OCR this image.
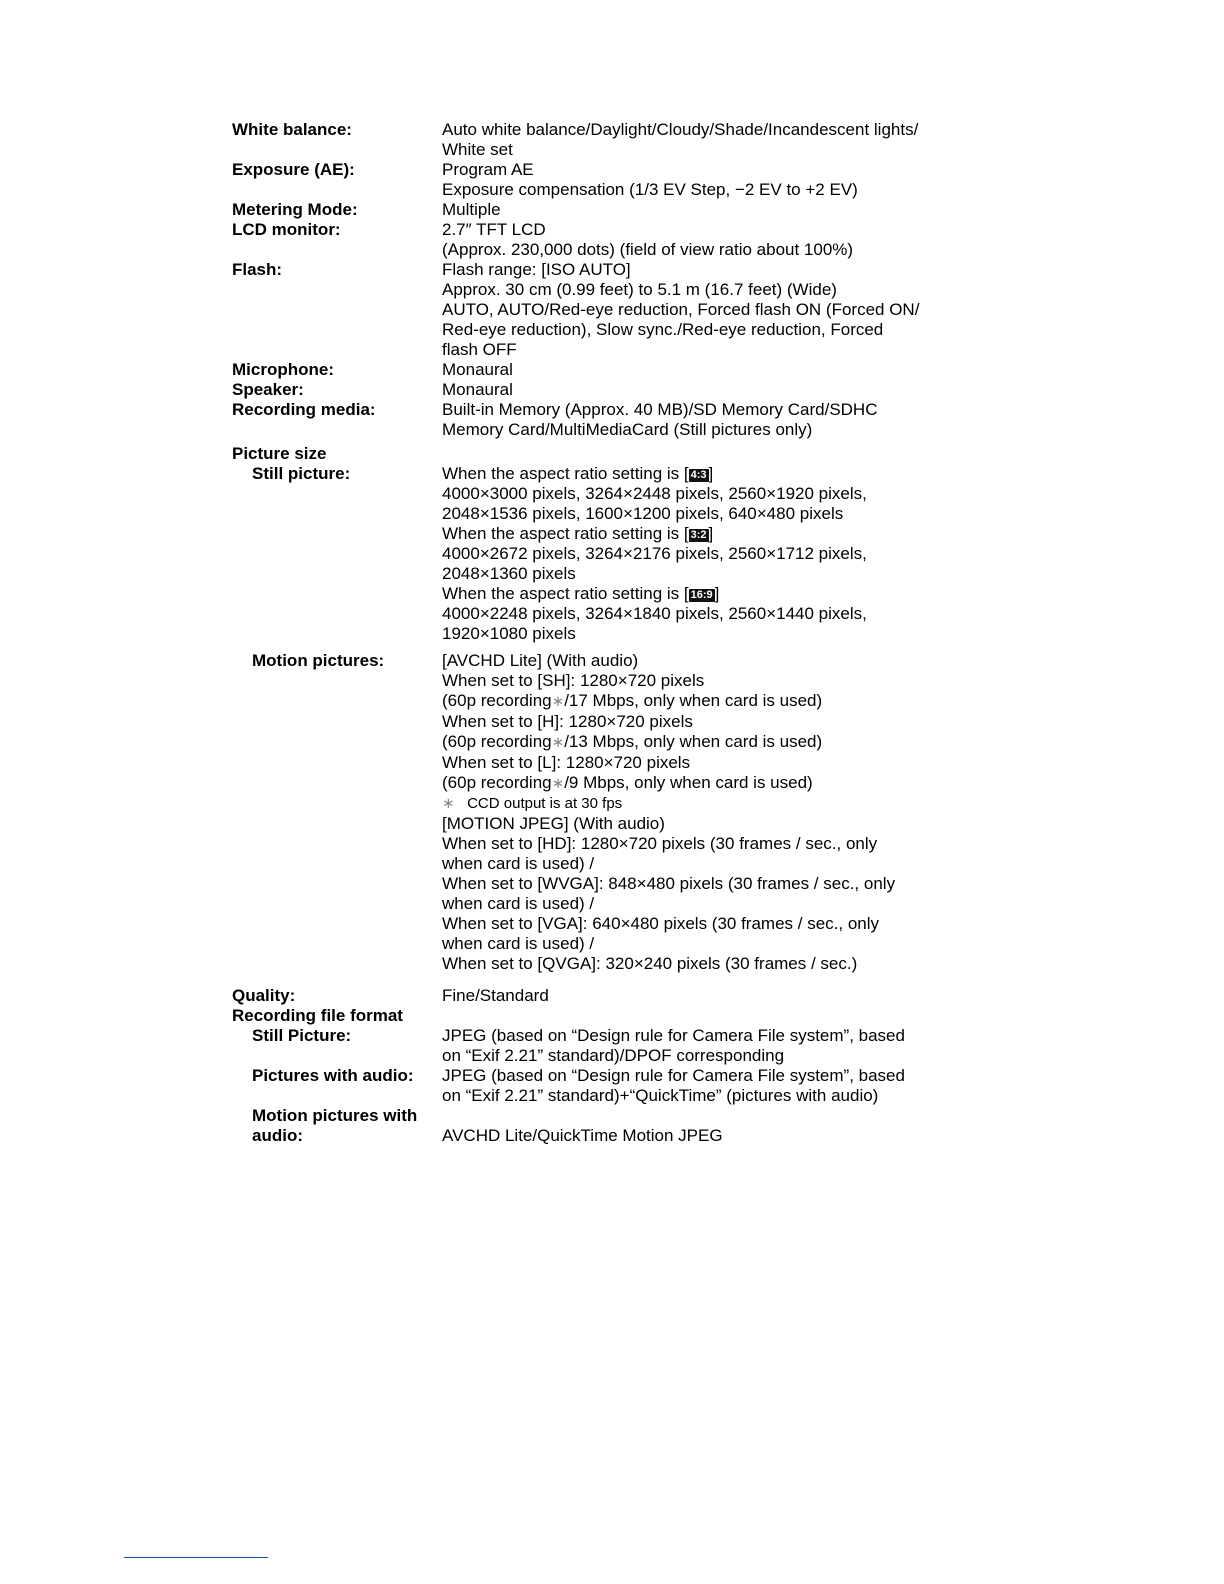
White balance:	Auto white balance/Daylight/Cloudy/Shade/Incandescent lights/
White set
Exposure (AE):	Program AE
Exposure compensation (1/3 EV Step, −2 EV to +2 EV)
Metering Mode:	Multiple
LCD monitor:	2.7″ TFT LCD
(Approx. 230,000 dots) (field of view ratio about 100%)
Flash:	Flash range: [ISO AUTO]
Approx. 30 cm (0.99 feet) to 5.1 m (16.7 feet) (Wide)
AUTO, AUTO/Red-eye reduction, Forced flash ON (Forced ON/
Red-eye reduction), Slow sync./Red-eye reduction, Forced
flash OFF
Microphone:	Monaural
Speaker:	Monaural
Recording media:	Built-in Memory (Approx. 40 MB)/SD Memory Card/SDHC
Memory Card/MultiMediaCard (Still pictures only)
Picture size
Still picture:	When the aspect ratio setting is [ 4:3 ]
4000×3000 pixels, 3264×2448 pixels, 2560×1920 pixels,
2048×1536 pixels, 1600×1200 pixels, 640×480 pixels
When the aspect ratio setting is [ 3:2 ]
4000×2672 pixels, 3264×2176 pixels, 2560×1712 pixels,
2048×1360 pixels
When the aspect ratio setting is [ 16:9 ]
4000×2248 pixels, 3264×1840 pixels, 2560×1440 pixels,
1920×1080 pixels
Motion pictures:	[AVCHD Lite] (With audio)
When set to [SH]: 1280×720 pixels
(60p recording∗/17 Mbps, only when card is used)
When set to [H]: 1280×720 pixels
(60p recording∗/13 Mbps, only when card is used)
When set to [L]: 1280×720 pixels
(60p recording∗/9 Mbps, only when card is used)
∗ CCD output is at 30 fps
[MOTION JPEG] (With audio)
When set to [HD]: 1280×720 pixels (30 frames / sec., only
when card is used) /
When set to [WVGA]: 848×480 pixels (30 frames / sec., only
when card is used) /
When set to [VGA]: 640×480 pixels (30 frames / sec., only
when card is used) /
When set to [QVGA]: 320×240 pixels (30 frames / sec.)
Quality:	Fine/Standard
Recording file format
Still Picture:	JPEG (based on “Design rule for Camera File system”, based
on “Exif 2.21” standard)/DPOF corresponding
Pictures with audio:	JPEG (based on “Design rule for Camera File system”, based
on “Exif 2.21” standard)+“QuickTime” (pictures with audio)
Motion pictures with
audio:
	AVCHD Lite/QuickTime Motion JPEG
